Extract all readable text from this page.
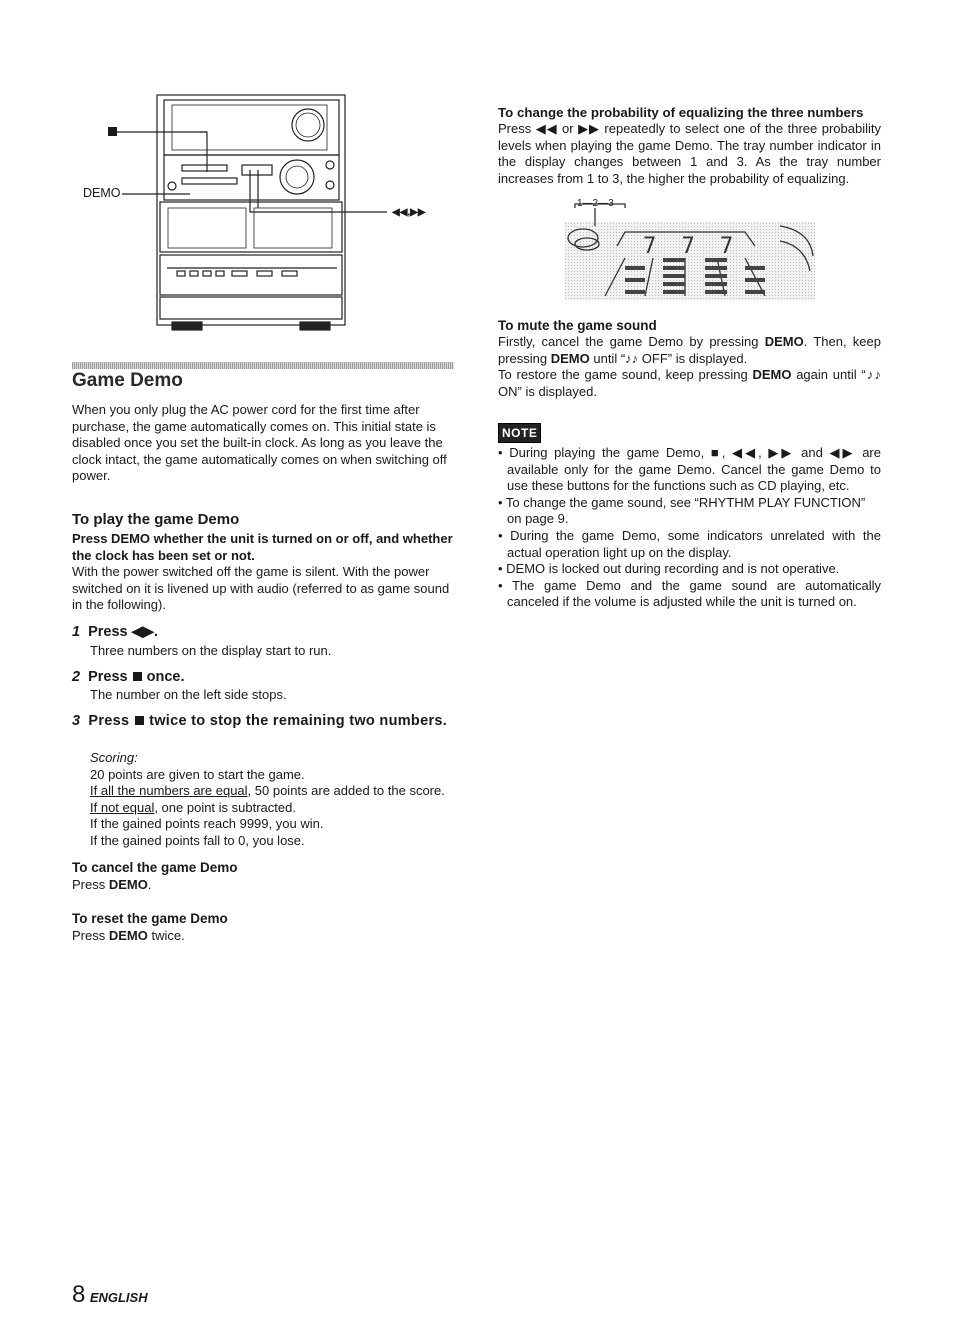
DEMO
◀◀,▶▶
Game Demo

When you only plug the AC power cord for the first time after purchase, the game automatically comes on. This initial state is disabled once you set the built-in clock. As long as you leave the clock intact, the game automatically comes on when switching off power.

To play the game Demo

Press DEMO whether the unit is turned on or off, and whether the clock has been set or not.

With the power switched off the game is silent. With the power switched on it is livened up with audio (referred to as game sound in the following).

1 Press ◀▶.

Three numbers on the display start to run.

2 Press once.

The number on the left side stops.

3 Press twice to stop the remaining two numbers.

Scoring:

20 points are given to start the game.

If all the numbers are equal, 50 points are added to the score.

If not equal, one point is subtracted.

If the gained points reach 9999, you win.

If the gained points fall to 0, you lose.

To cancel the game Demo

Press DEMO.

To reset the game Demo

Press DEMO twice.

To change the probability of equalizing the three numbers

Press ◀◀ or ▶▶ repeatedly to select one of the three probability levels when playing the game Demo. The tray number indicator in the display changes between 1 and 3. As the tray number increases from 1 to 3, the higher the probability of equalizing.

1—2—3
7 7 7

To mute the game sound

Firstly, cancel the game Demo by pressing DEMO. Then, keep pressing DEMO until “♪♪ OFF” is displayed.

To restore the game sound, keep pressing DEMO again until “♪♪ ON” is displayed.

NOTE
• During playing the game Demo, ■, ◀◀, ▶▶ and ◀▶ are available only for the game Demo. Cancel the game Demo to use these buttons for the functions such as CD playing, etc.
• To change the game sound, see “RHYTHM PLAY FUNCTION” on page 9.
• During the game Demo, some indicators unrelated with the actual operation light up on the display.
• DEMO is locked out during recording and is not operative.
• The game Demo and the game sound are automatically canceled if the volume is adjusted while the unit is turned on.
8 ENGLISH
